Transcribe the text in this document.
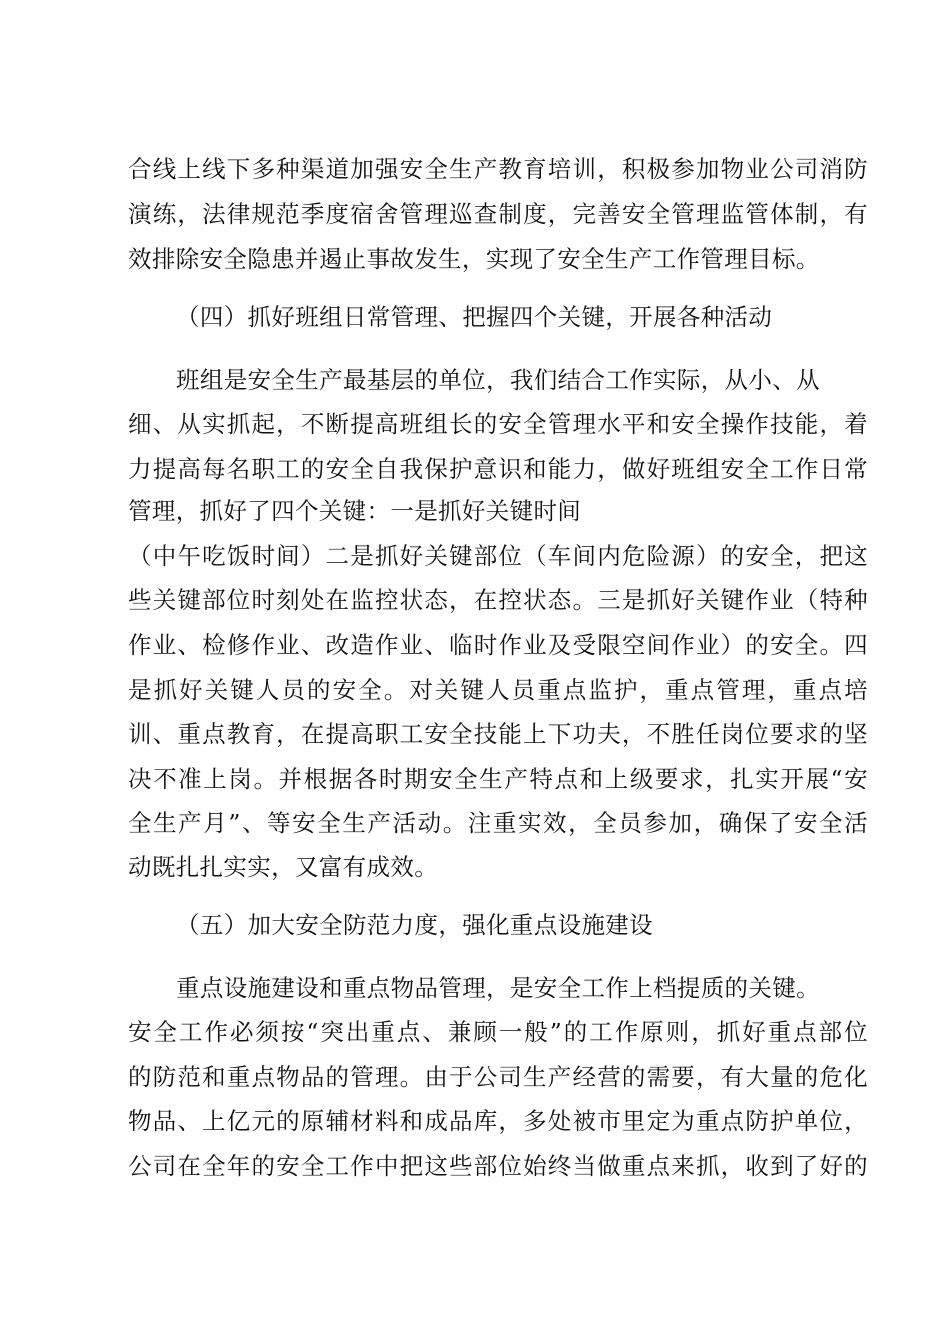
合线上线下多种渠道加强安全生产教育培训，积极参加物业公司消防
演练，法律规范季度宿舍管理巡查制度，完善安全管理监管体制，有
效排除安全隐患并遏止事故发生，实现了安全生产工作管理目标。
（四）抓好班组日常管理、把握四个关键，开展各种活动
班组是安全生产最基层的单位，我们结合工作实际，从小、从
细、从实抓起，不断提高班组长的安全管理水平和安全操作技能，着
力提高每名职工的安全自我保护意识和能力，做好班组安全工作日常
管理，抓好了四个关键：一是抓好关键时间
（中午吃饭时间）二是抓好关键部位（车间内危险源）的安全，把这
些关键部位时刻处在监控状态，在控状态。三是抓好关键作业（特种
作业、检修作业、改造作业、临时作业及受限空间作业）的安全。四
是抓好关键人员的安全。对关键人员重点监护，重点管理，重点培
训、重点教育，在提高职工安全技能上下功夫，不胜任岗位要求的坚
决不准上岗。并根据各时期安全生产特点和上级要求，扎实开展“安
全生产月”、等安全生产活动。注重实效，全员参加，确保了安全活
动既扎扎实实，又富有成效。
（五）加大安全防范力度，强化重点设施建设
重点设施建设和重点物品管理，是安全工作上档提质的关键。
安全工作必须按“突出重点、兼顾一般”的工作原则，抓好重点部位
的防范和重点物品的管理。由于公司生产经营的需要，有大量的危化
物品、上亿元的原辅材料和成品库，多处被市里定为重点防护单位，
公司在全年的安全工作中把这些部位始终当做重点来抓，收到了好的
